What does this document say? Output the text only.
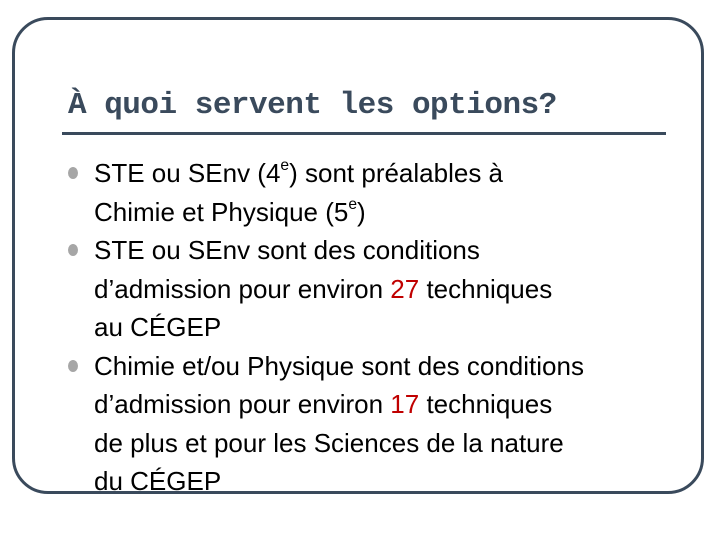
À quoi servent les options?
STE ou SEnv (4e) sont préalables à
Chimie et Physique (5e)
STE ou SEnv sont des conditions
d’admission pour environ 27 techniques
au CÉGEP
Chimie et/ou Physique sont des conditions
d’admission pour environ 17 techniques
de plus et pour les Sciences de la nature
du CÉGEP
